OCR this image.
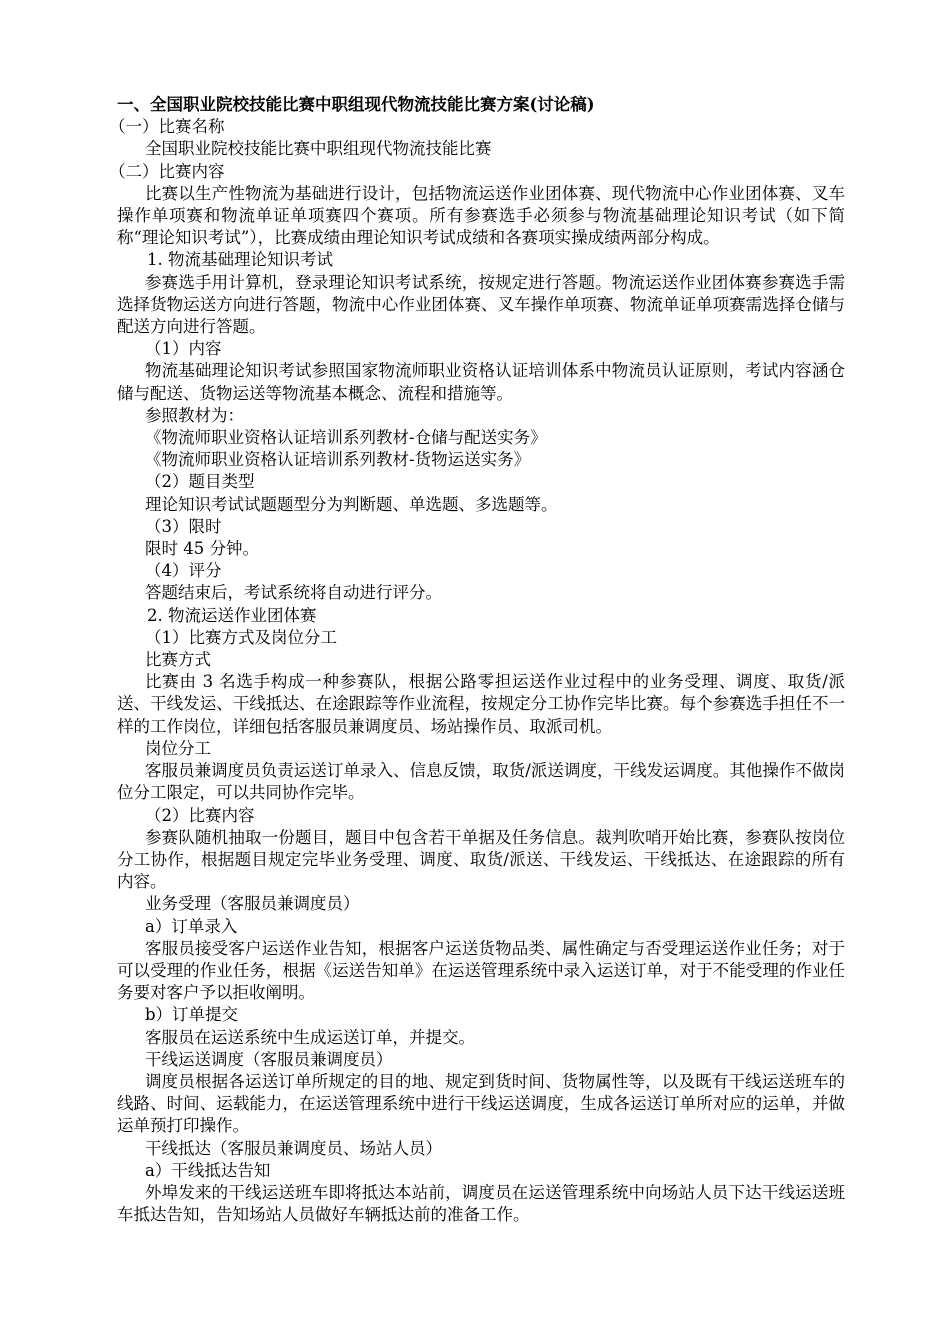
一、全国职业院校技能比赛中职组现代物流技能比赛方案(讨论稿)

（一）比赛名称

全国职业院校技能比赛中职组现代物流技能比赛

（二）比赛内容

比赛以生产性物流为基础进行设计，包括物流运送作业团体赛、现代物流中心作业团体赛、叉车操作单项赛和物流单证单项赛四个赛项。所有参赛选手必须参与物流基础理论知识考试（如下简称“理论知识考试”），比赛成绩由理论知识考试成绩和各赛项实操成绩两部分构成。

1. 物流基础理论知识考试

参赛选手用计算机，登录理论知识考试系统，按规定进行答题。物流运送作业团体赛参赛选手需选择货物运送方向进行答题，物流中心作业团体赛、叉车操作单项赛、物流单证单项赛需选择仓储与配送方向进行答题。

（1）内容

物流基础理论知识考试参照国家物流师职业资格认证培训体系中物流员认证原则，考试内容涵仓储与配送、货物运送等物流基本概念、流程和措施等。

参照教材为：

《物流师职业资格认证培训系列教材-仓储与配送实务》

《物流师职业资格认证培训系列教材-货物运送实务》

（2）题目类型

理论知识考试试题题型分为判断题、单选题、多选题等。

（3）限时

限时 45 分钟。

（4）评分

答题结束后，考试系统将自动进行评分。

2. 物流运送作业团体赛

（1）比赛方式及岗位分工

比赛方式

比赛由 3 名选手构成一种参赛队，根据公路零担运送作业过程中的业务受理、调度、取货/派送、干线发运、干线抵达、在途跟踪等作业流程，按规定分工协作完毕比赛。每个参赛选手担任不一样的工作岗位，详细包括客服员兼调度员、场站操作员、取派司机。

岗位分工

客服员兼调度员负责运送订单录入、信息反馈，取货/派送调度，干线发运调度。其他操作不做岗位分工限定，可以共同协作完毕。

（2）比赛内容

参赛队随机抽取一份题目，题目中包含若干单据及任务信息。裁判吹哨开始比赛，参赛队按岗位分工协作，根据题目规定完毕业务受理、调度、取货/派送、干线发运、干线抵达、在途跟踪的所有内容。

业务受理（客服员兼调度员）

a）订单录入

客服员接受客户运送作业告知，根据客户运送货物品类、属性确定与否受理运送作业任务；对于可以受理的作业任务，根据《运送告知单》在运送管理系统中录入运送订单，对于不能受理的作业任务要对客户予以拒收阐明。

b）订单提交

客服员在运送系统中生成运送订单，并提交。

干线运送调度（客服员兼调度员）

调度员根据各运送订单所规定的目的地、规定到货时间、货物属性等，以及既有干线运送班车的线路、时间、运载能力，在运送管理系统中进行干线运送调度，生成各运送订单所对应的运单，并做运单预打印操作。

干线抵达（客服员兼调度员、场站人员）

a）干线抵达告知

外埠发来的干线运送班车即将抵达本站前，调度员在运送管理系统中向场站人员下达干线运送班车抵达告知，告知场站人员做好车辆抵达前的准备工作。
